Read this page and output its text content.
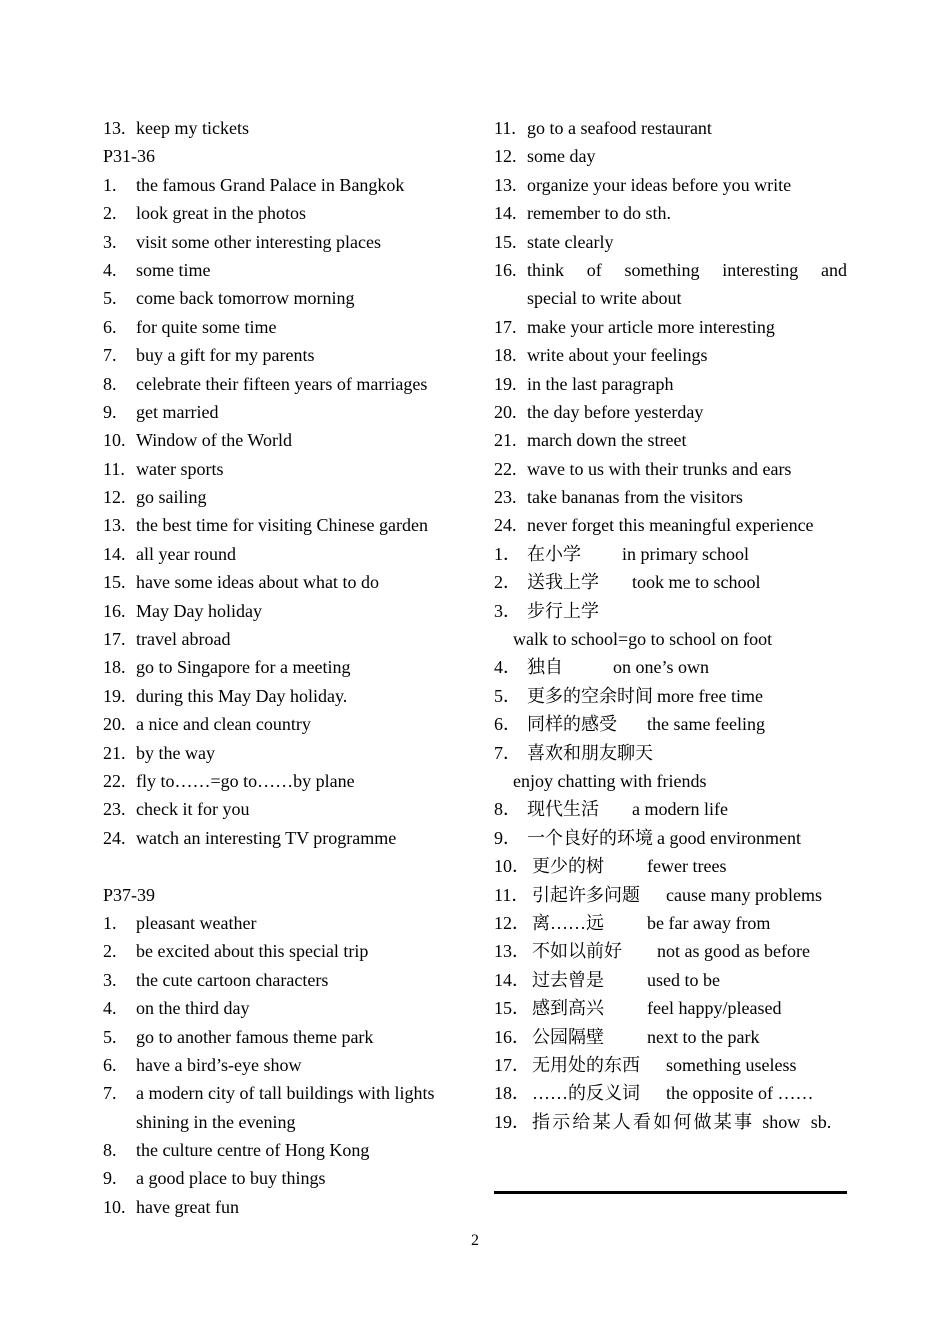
13. keep my tickets
P31-36
1. the famous Grand Palace in Bangkok
2. look great in the photos
3. visit some other interesting places
4. some time
5. come back tomorrow morning
6. for quite some time
7. buy a gift for my parents
8. celebrate their fifteen years of marriages
9. get married
10. Window of the World
11. water sports
12. go sailing
13. the best time for visiting Chinese garden
14. all year round
15. have some ideas about what to do
16. May Day holiday
17. travel abroad
18. go to Singapore for a meeting
19. during this May Day holiday.
20. a nice and clean country
21. by the way
22. fly to……=go to……by plane
23. check it for you
24. watch an interesting TV programme
P37-39
1. pleasant weather
2. be excited about this special trip
3. the cute cartoon characters
4. on the third day
5. go to another famous theme park
6. have a bird’s-eye show
7. a modern city of tall buildings with lights
shining in the evening
8. the culture centre of Hong Kong
9. a good place to buy things
10. have great fun
11. go to a seafood restaurant
12. some day
13. organize your ideas before you write
14. remember to do sth.
15. state clearly
16. think of something interesting and
special to write about
17. make your article more interesting
18. write about your feelings
19. in the last paragraph
20. the day before yesterday
21. march down the street
22. wave to us with their trunks and ears
23. take bananas from the visitors
24. never forget this meaningful experience
1． 在小学 in primary school
2． 送我上学 took me to school
3． 步行上学
walk to school=go to school on foot
4． 独自	on one’s own
5． 更多的空余时间 more free time
6． 同样的感受 the same feeling
7． 喜欢和朋友聊天
enjoy chatting with friends
8． 现代生活 a modern life
9． 一个良好的环境 a good environment
10． 更少的树 fewer trees
11． 引起许多问题 cause many problems
12． 离……远 be far away from
13． 不如以前好 not as good as before
14． 过去曾是 used to be
15． 感到高兴 feel happy/pleased
16． 公园隔壁 next to the park
17． 无用处的东西 something useless
18． ……的反义词 the opposite of ……
19． 指示给某人看如何做某事 show sb.
2
